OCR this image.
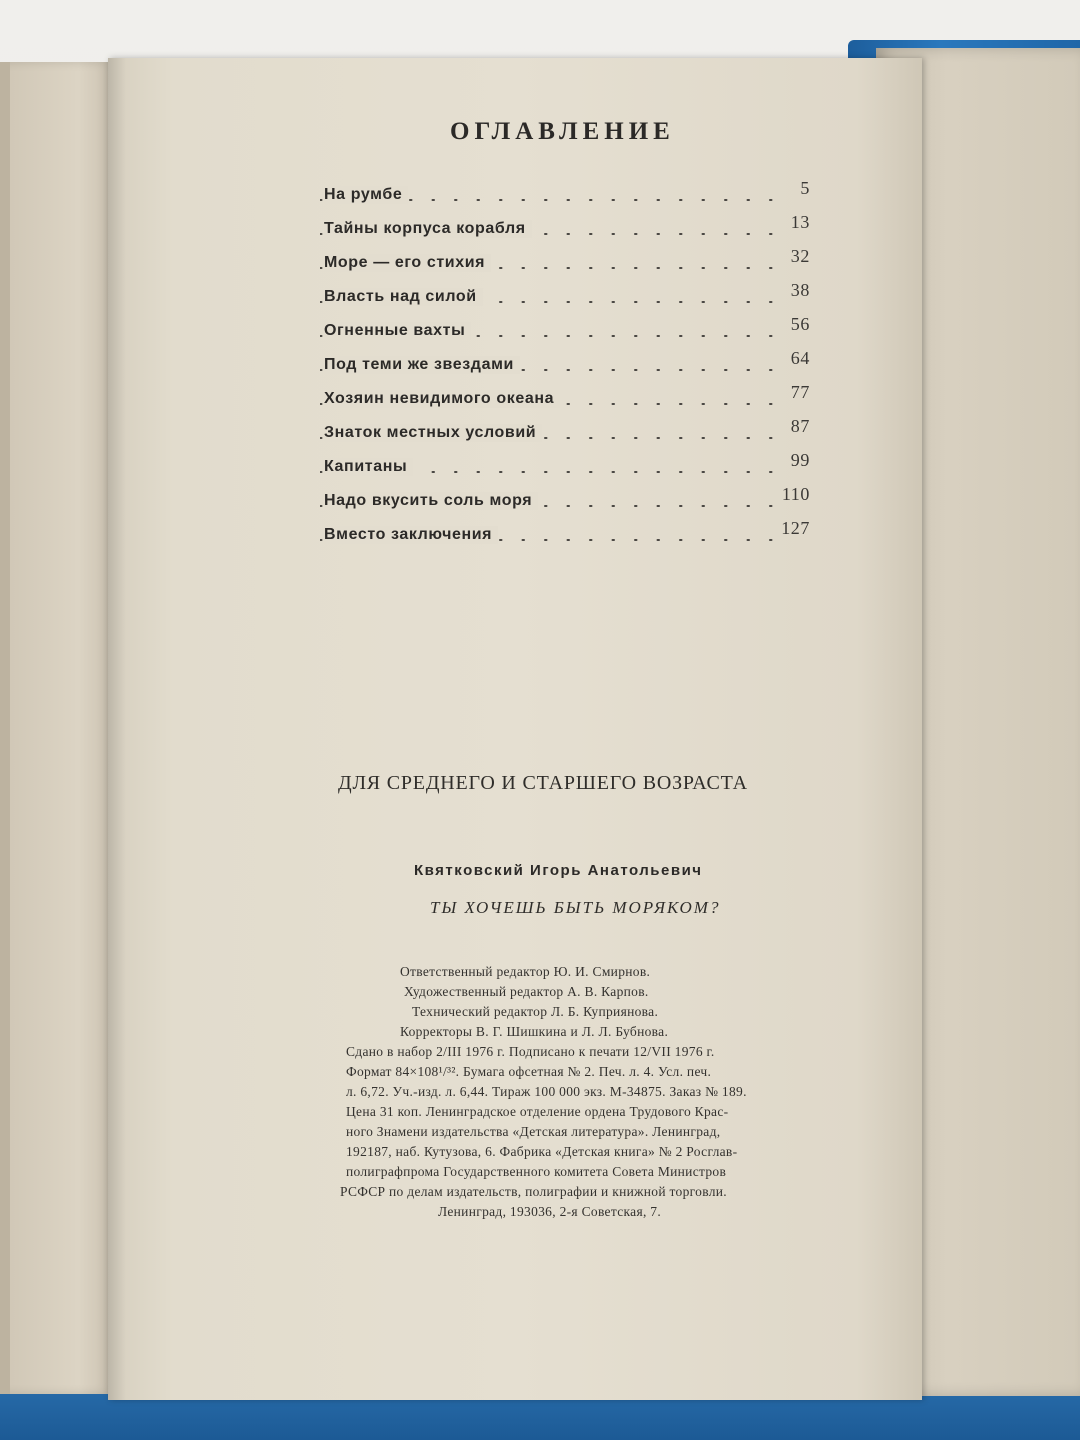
ОГЛАВЛЕНИЕ
На румбе	5
Тайны корпуса корабля	13
Море — его стихия	32
Власть над силой	38
Огненные вахты	56
Под теми же звездами	64
Хозяин невидимого океана	77
Знаток местных условий	87
Капитаны	99
Надо вкусить соль моря	110
Вместо заключения	127

ДЛЯ СРЕДНЕГО И СТАРШЕГО ВОЗРАСТА

Квятковский Игорь Анатольевич

ТЫ ХОЧЕШЬ БЫТЬ МОРЯКОМ?

Ответственный редактор Ю. И. Смирнов.
Художественный редактор А. В. Карпов.
Технический редактор Л. Б. Куприянова.
Корректоры В. Г. Шишкина и Л. Л. Бубнова.
Сдано в набор 2/III 1976 г. Подписано к печати 12/VII 1976 г.
Формат 84×108¹/³². Бумага офсетная № 2. Печ. л. 4. Усл. печ.
л. 6,72. Уч.-изд. л. 6,44. Тираж 100 000 экз. М-34875. Заказ № 189.
Цена 31 коп. Ленинградское отделение ордена Трудового Крас-
ного Знамени издательства «Детская литература». Ленинград,
192187, наб. Кутузова, 6. Фабрика «Детская книга» № 2 Росглав-
полиграфпрома Государственного комитета Совета Министров
РСФСР по делам издательств, полиграфии и книжной торговли.
Ленинград, 193036, 2-я Советская, 7.
